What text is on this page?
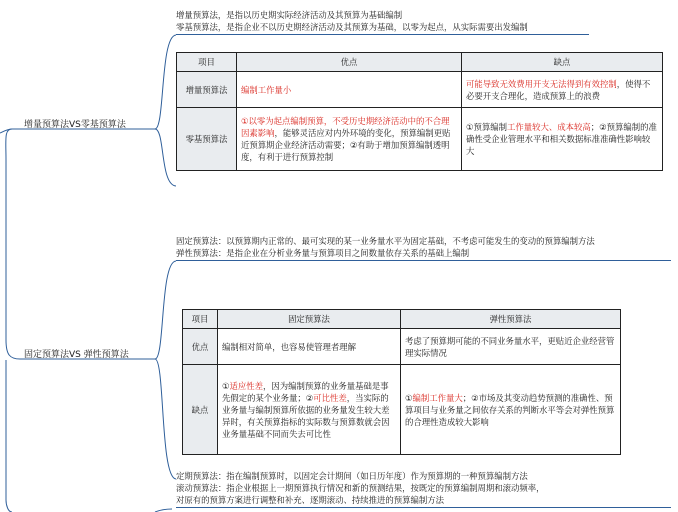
增量预算法VS零基预算法
增量预算法，是指以历史期实际经济活动及其预算为基础编制
零基预算法，是指企业不以历史期经济活动及其预算为基础，以零为起点，从实际需要出发编制
项目	优点	缺点
增量预算法	编制工作量小	可能导致无效费用开支无法得到有效控制，使得不必要开支合理化，造成预算上的浪费
零基预算法	①以零为起点编制预算，不受历史期经济活动中的不合理因素影响，能够灵活应对内外环境的变化，预算编制更贴近预算期企业经济活动需要；②有助于增加预算编制透明度，有利于进行预算控制	①预算编制工作量较大、成本较高；②预算编制的准确性受企业管理水平和相关数据标准准确性影响较大
固定预算法VS 弹性预算法
固定预算法：以预算期内正常的、最可实现的某一业务量水平为固定基础，不考虑可能发生的变动的预算编制方法
弹性预算法：是指企业在分析业务量与预算项目之间数量依存关系的基础上编制
项目	固定预算法	弹性预算法
优点	编制相对简单，也容易使管理者理解	考虑了预算期可能的不同业务量水平，更贴近企业经营管理实际情况
缺点	①适应性差，因为编制预算的业务量基础是事先假定的某个业务量；②可比性差，当实际的业务量与编制预算所依据的业务量发生较大差异时，有关预算指标的实际数与预算数就会因业务量基础不同而失去可比性	①编制工作量大；②市场及其变动趋势预测的准确性、预算项目与业务量之间依存关系的判断水平等会对弹性预算的合理性造成较大影响
定期预算法：指在编制预算时，以固定会计期间（如日历年度）作为预算期的一种预算编制方法
滚动预算法：指企业根据上一期预算执行情况和新的预测结果，按既定的预算编制周期和滚动频率，
对原有的预算方案进行调整和补充、逐期滚动、持续推进的预算编制方法
